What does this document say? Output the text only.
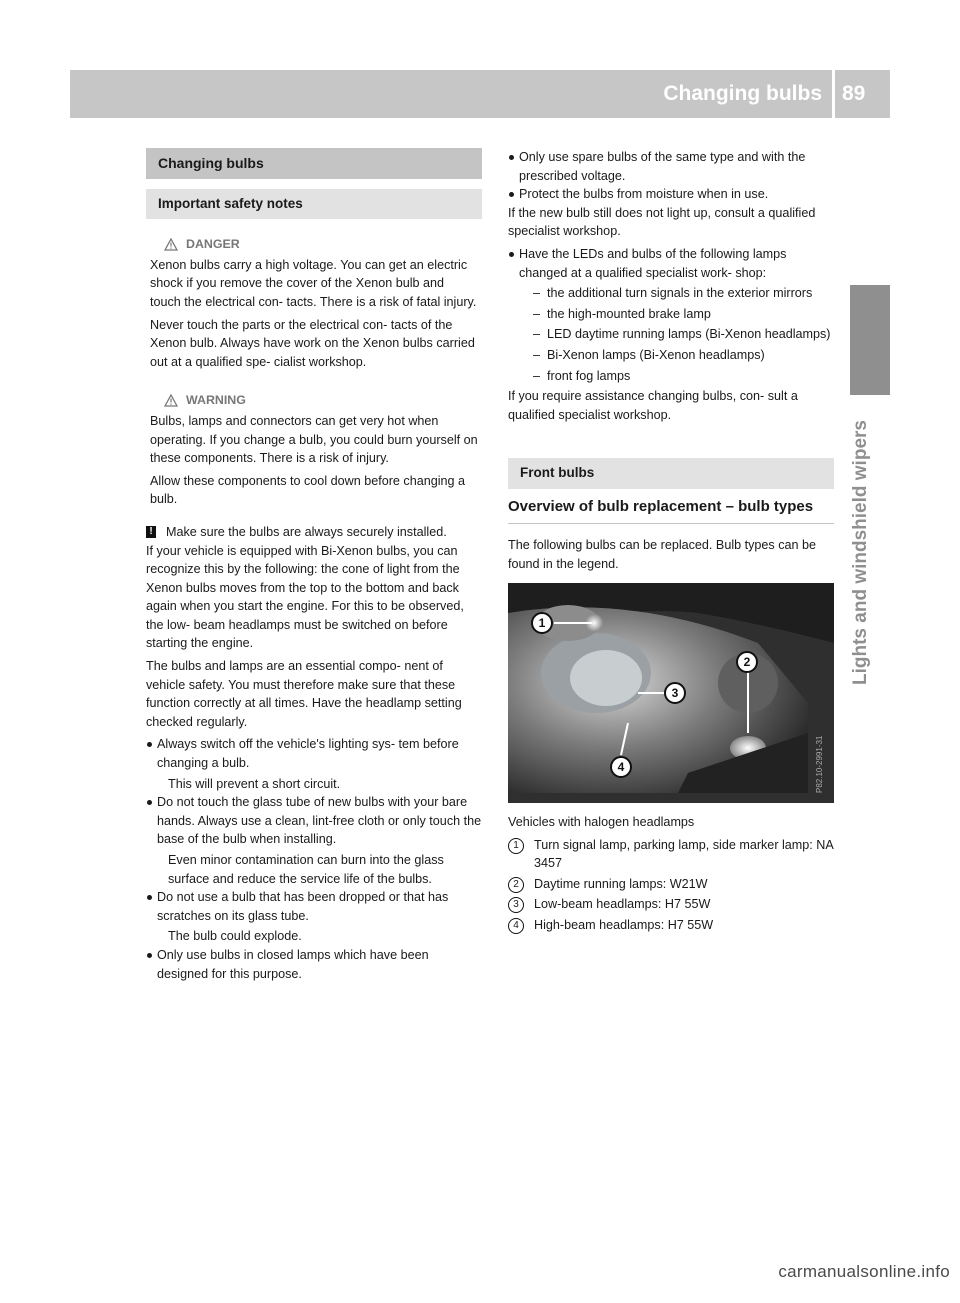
Changing bulbs 89
Lights and windshield wipers
Changing bulbs
Important safety notes
DANGER

Xenon bulbs carry a high voltage. You can get an electric shock if you remove the cover of the Xenon bulb and touch the electrical con- tacts. There is a risk of fatal injury.

Never touch the parts or the electrical con- tacts of the Xenon bulb. Always have work on the Xenon bulbs carried out at a qualified spe- cialist workshop.

WARNING

Bulbs, lamps and connectors can get very hot when operating. If you change a bulb, you could burn yourself on these components. There is a risk of injury.

Allow these components to cool down before changing a bulb.

! Make sure the bulbs are always securely installed.

If your vehicle is equipped with Bi-Xenon bulbs, you can recognize this by the following: the cone of light from the Xenon bulbs moves from the top to the bottom and back again when you start the engine. For this to be observed, the low- beam headlamps must be switched on before starting the engine.

The bulbs and lamps are an essential compo- nent of vehicle safety. You must therefore make sure that these function correctly at all times. Have the headlamp setting checked regularly.

Always switch off the vehicle's lighting sys- tem before changing a bulb.
This will prevent a short circuit.
Do not touch the glass tube of new bulbs with your bare hands. Always use a clean, lint-free cloth or only touch the base of the bulb when installing.
Even minor contamination can burn into the glass surface and reduce the service life of the bulbs.
Do not use a bulb that has been dropped or that has scratches on its glass tube.
The bulb could explode.
Only use bulbs in closed lamps which have been designed for this purpose.
Only use spare bulbs of the same type and with the prescribed voltage.
Protect the bulbs from moisture when in use.

If the new bulb still does not light up, consult a qualified specialist workshop.

Have the LEDs and bulbs of the following lamps changed at a qualified specialist work- shop:
– the additional turn signals in the exterior mirrors
– the high-mounted brake lamp
– LED daytime running lamps (Bi-Xenon headlamps)
– Bi-Xenon lamps (Bi-Xenon headlamps)
– front fog lamps

If you require assistance changing bulbs, con- sult a qualified specialist workshop.

Front bulbs
Overview of bulb replacement – bulb types

The following bulbs can be replaced. Bulb types can be found in the legend.

P82.10-2991-31
1
2
3
4

Vehicles with halogen headlamps

1	Turn signal lamp, parking lamp, side marker lamp: NA 3457
2	Daytime running lamps: W21W
3	Low-beam headlamps: H7 55W
4	High-beam headlamps: H7 55W
carmanualsonline.info
